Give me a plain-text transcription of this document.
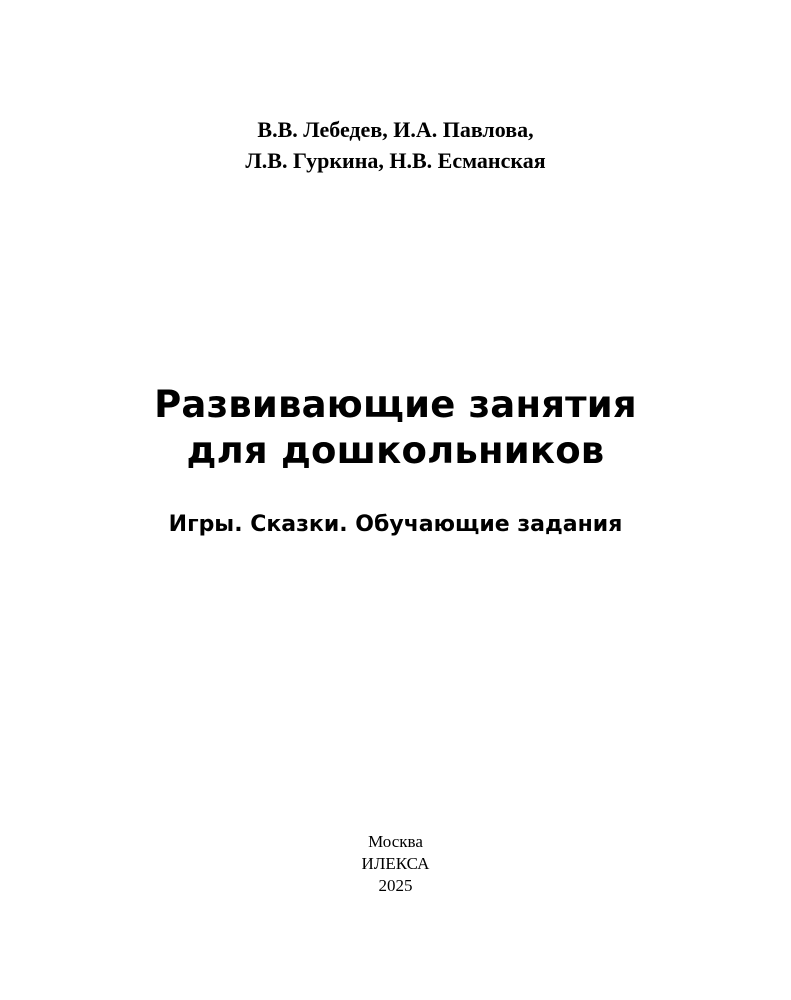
В.В. Лебедев, И.А. Павлова,
Л.В. Гуркина, Н.В. Есманская
Развивающие занятия
для дошкольников
Игры. Сказки. Обучающие задания
Москва
ИЛЕКСА
2025
